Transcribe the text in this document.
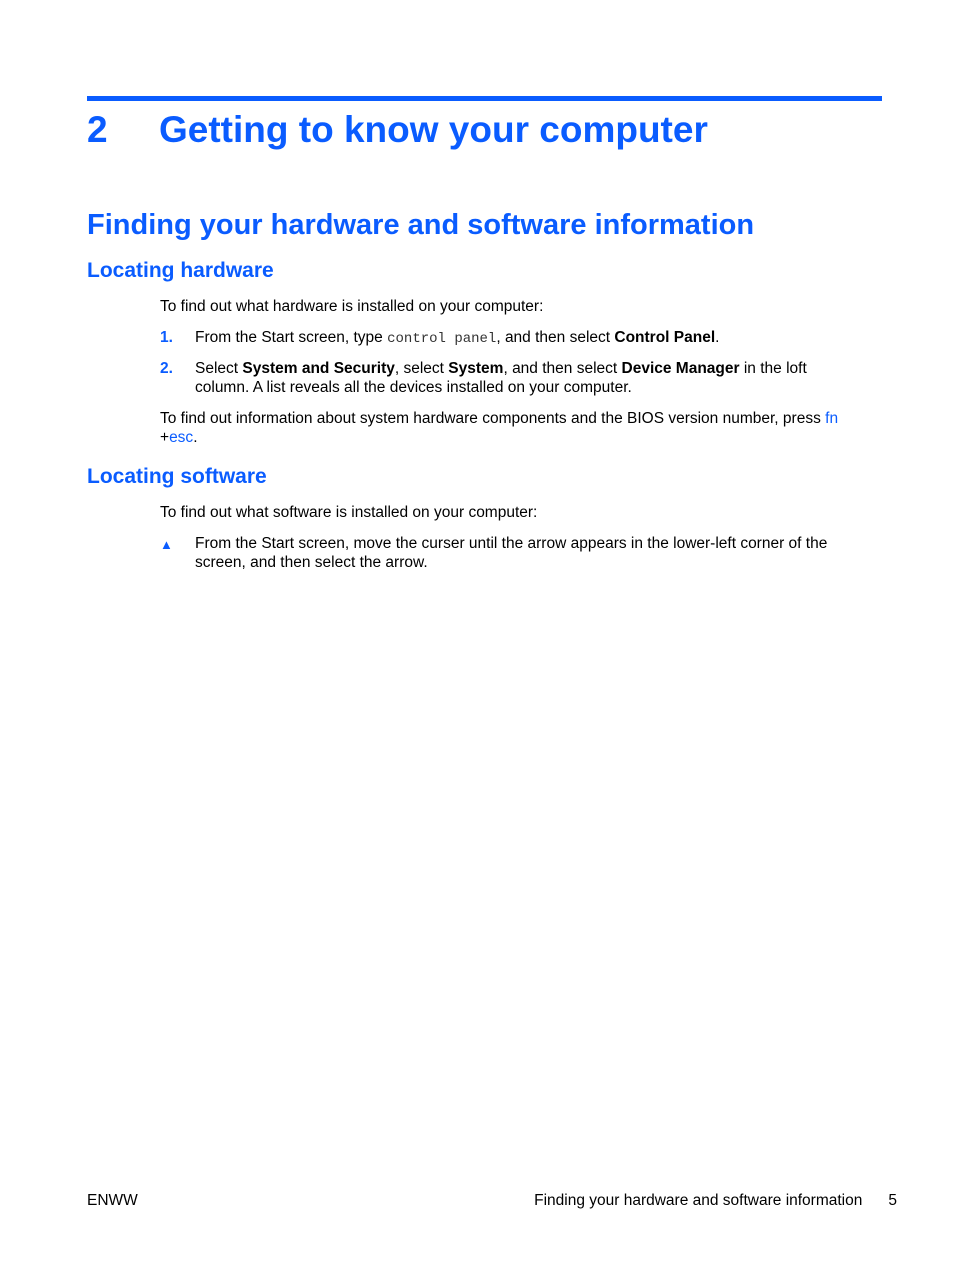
2 Getting to know your computer
Finding your hardware and software information
Locating hardware

To find out what hardware is installed on your computer:

1. From the Start screen, type control panel, and then select Control Panel.
2. Select System and Security, select System, and then select Device Manager in the loft column. A list reveals all the devices installed on your computer.

To find out information about system hardware components and the BIOS version number, press fn
+esc.

Locating software

To find out what software is installed on your computer:

▲ From the Start screen, move the curser until the arrow appears in the lower-left corner of the screen, and then select the arrow.
ENWW	Finding your hardware and software information 5
